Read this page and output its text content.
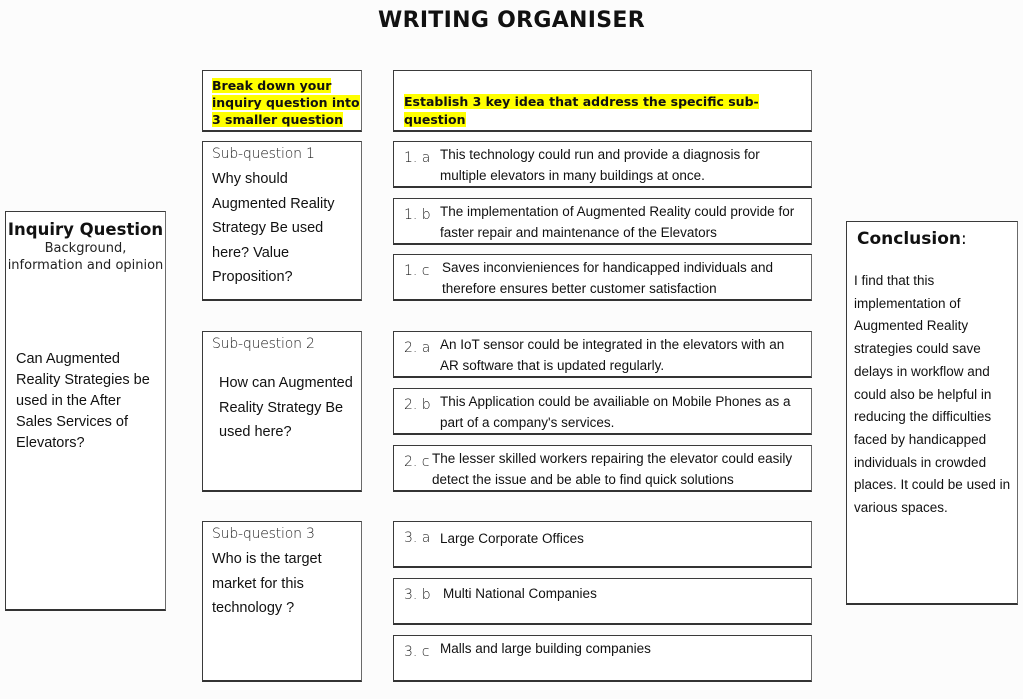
WRITING ORGANISER
Break down your inquiry question into 3 smaller question
Establish 3 key idea that address the specific sub-question
Inquiry Question
Background, information and opinion
Can Augmented Reality Strategies be used in the After Sales Services of Elevators?
Sub-question 1
Why should Augmented Reality Strategy Be used here? Value Proposition?
1. a This technology could run and provide a diagnosis for multiple elevators in many buildings at once.
1. b The implementation of Augmented Reality could provide for faster repair and maintenance of the Elevators
1. c Saves inconvieniences for handicapped individuals and therefore ensures better customer satisfaction
Sub-question 2
How can Augmented Reality Strategy Be used here?
2. a An IoT sensor could be integrated in the elevators with an AR software that is updated regularly.
2. b This Application could be availiable on Mobile Phones as a part of a company's services.
2. c The lesser skilled workers repairing the elevator could easily detect the issue and be able to find quick solutions
Sub-question 3
Who is the target market for this technology ?
3. a Large Corporate Offices
3. b Multi National Companies
3. c Malls and large building companies
Conclusion:
I find that this implementation of Augmented Reality strategies could save delays in workflow and could also be helpful in reducing the difficulties faced by handicapped individuals in crowded places. It could be used in various spaces.
